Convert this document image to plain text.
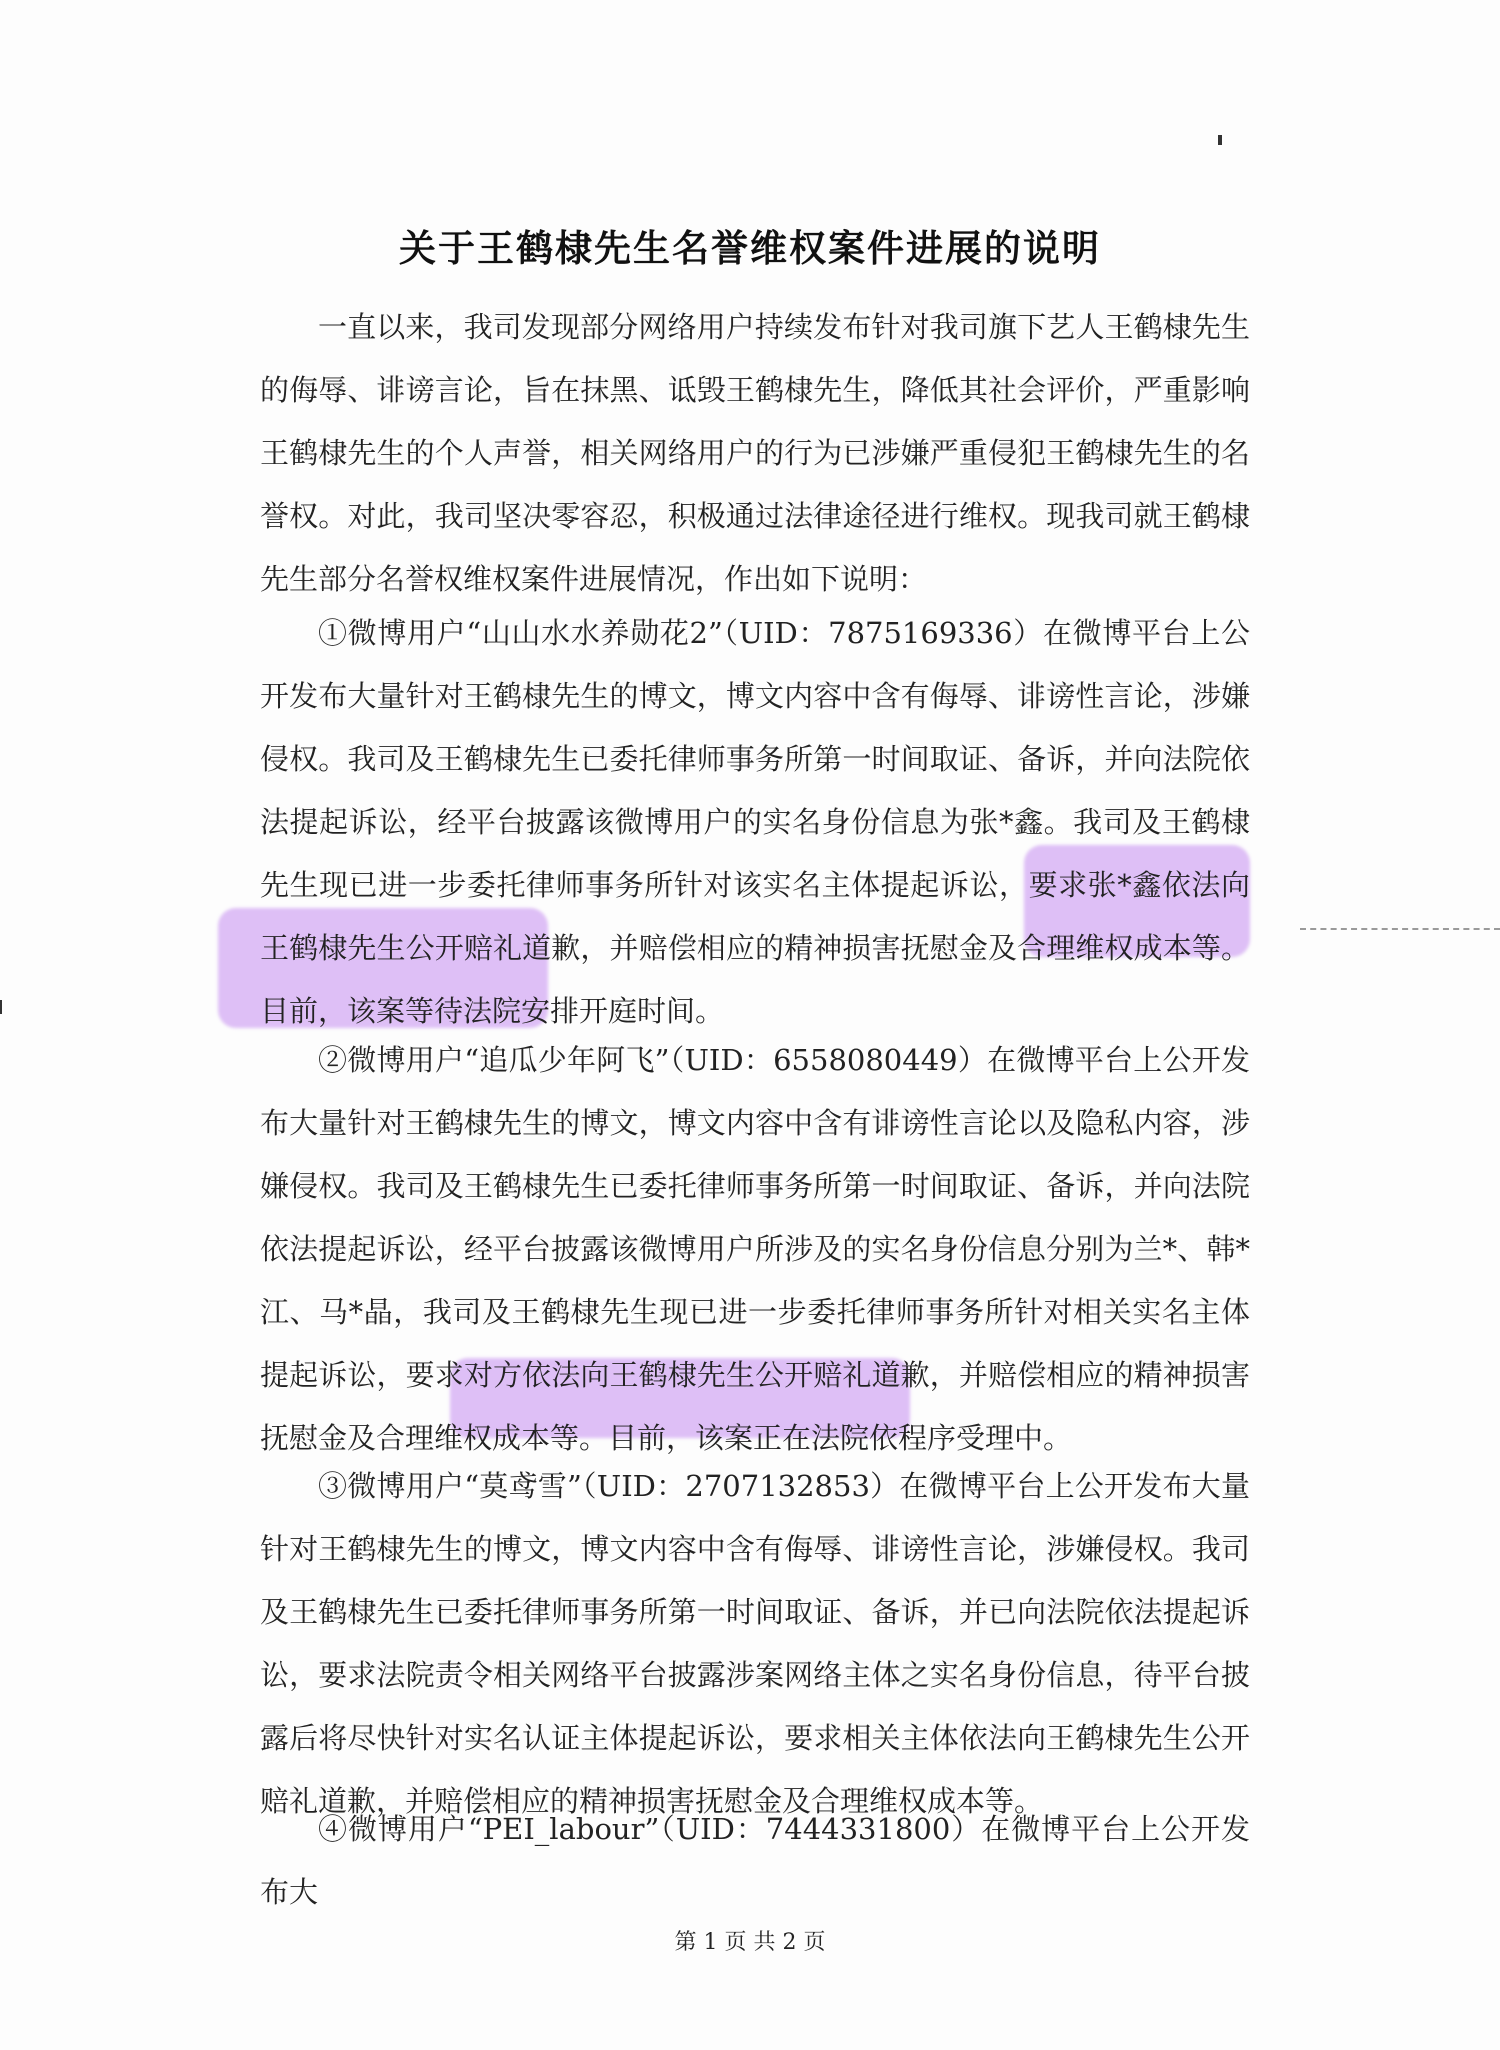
关于王鹤棣先生名誉维权案件进展的说明

一直以来，我司发现部分网络用户持续发布针对我司旗下艺人王鹤棣先生的侮辱、诽谤言论，旨在抹黑、诋毁王鹤棣先生，降低其社会评价，严重影响王鹤棣先生的个人声誉，相关网络用户的行为已涉嫌严重侵犯王鹤棣先生的名誉权。对此，我司坚决零容忍，积极通过法律途径进行维权。现我司就王鹤棣先生部分名誉权维权案件进展情况，作出如下说明：

①微博用户“山山水水养勋花2”（UID：7875169336）在微博平台上公开发布大量针对王鹤棣先生的博文，博文内容中含有侮辱、诽谤性言论，涉嫌侵权。我司及王鹤棣先生已委托律师事务所第一时间取证、备诉，并向法院依法提起诉讼，经平台披露该微博用户的实名身份信息为张*鑫。我司及王鹤棣先生现已进一步委托律师事务所针对该实名主体提起诉讼，要求张*鑫依法向王鹤棣先生公开赔礼道歉，并赔偿相应的精神损害抚慰金及合理维权成本等。目前，该案等待法院安排开庭时间。

②微博用户“追瓜少年阿飞”（UID：6558080449）在微博平台上公开发布大量针对王鹤棣先生的博文，博文内容中含有诽谤性言论以及隐私内容，涉嫌侵权。我司及王鹤棣先生已委托律师事务所第一时间取证、备诉，并向法院依法提起诉讼，经平台披露该微博用户所涉及的实名身份信息分别为兰*、韩*江、马*晶，我司及王鹤棣先生现已进一步委托律师事务所针对相关实名主体提起诉讼，要求对方依法向王鹤棣先生公开赔礼道歉，并赔偿相应的精神损害抚慰金及合理维权成本等。目前，该案正在法院依程序受理中。

③微博用户“莫鸢雪”（UID：2707132853）在微博平台上公开发布大量针对王鹤棣先生的博文，博文内容中含有侮辱、诽谤性言论，涉嫌侵权。我司及王鹤棣先生已委托律师事务所第一时间取证、备诉，并已向法院依法提起诉讼，要求法院责令相关网络平台披露涉案网络主体之实名身份信息，待平台披露后将尽快针对实名认证主体提起诉讼，要求相关主体依法向王鹤棣先生公开赔礼道歉，并赔偿相应的精神损害抚慰金及合理维权成本等。

④微博用户“PEI_labour”（UID：7444331800）在微博平台上公开发布大

第 1 页 共 2 页
